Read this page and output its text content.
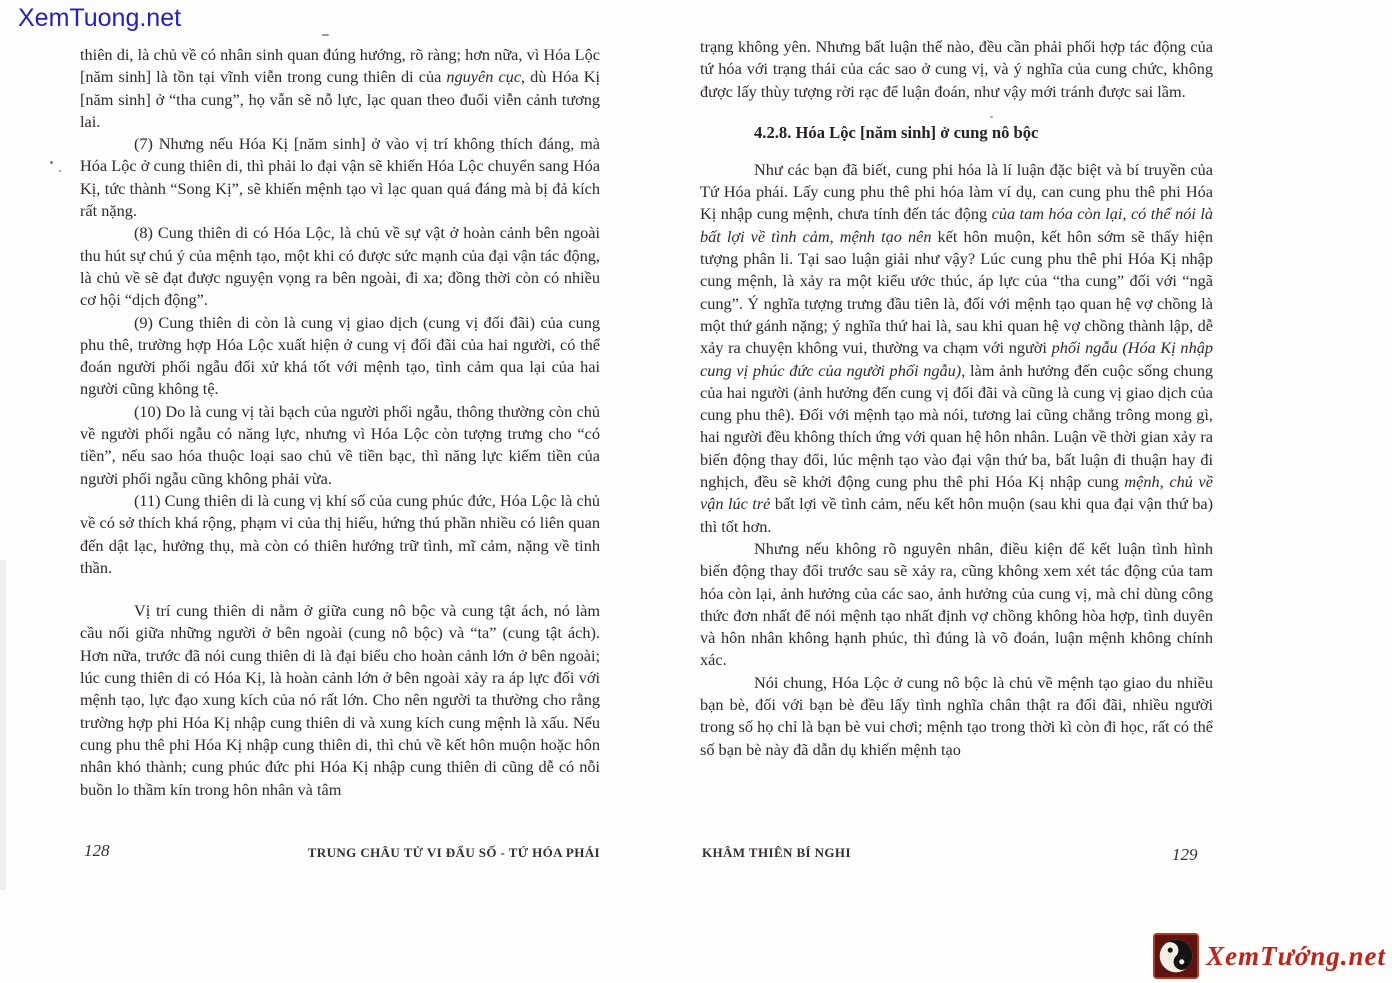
XemTuong.net

thiên di, là chủ về có nhân sinh quan đúng hướng, rõ ràng; hơn nữa, vì Hóa Lộc [năm sinh] là tồn tại vĩnh viễn trong cung thiên di của nguyên cục, dù Hóa Kị [năm sinh] ở “tha cung”, họ vẫn sẽ nỗ lực, lạc quan theo đuổi viễn cảnh tương lai.

(7) Nhưng nếu Hóa Kị [năm sinh] ở vào vị trí không thích đáng, mà Hóa Lộc ở cung thiên di, thì phải lo đại vận sẽ khiến Hóa Lộc chuyển sang Hóa Kị, tức thành “Song Kị”, sẽ khiến mệnh tạo vì lạc quan quá đáng mà bị đả kích rất nặng.

(8) Cung thiên di có Hóa Lộc, là chủ về sự vật ở hoàn cảnh bên ngoài thu hút sự chú ý của mệnh tạo, một khi có được sức mạnh của đại vận tác động, là chủ về sẽ đạt được nguyện vọng ra bên ngoài, đi xa; đồng thời còn có nhiều cơ hội “dịch động”.

(9) Cung thiên di còn là cung vị giao dịch (cung vị đối đãi) của cung phu thê, trường hợp Hóa Lộc xuất hiện ở cung vị đối đãi của hai người, có thể đoán người phối ngẫu đối xử khá tốt với mệnh tạo, tình cảm qua lại của hai người cũng không tệ.

(10) Do là cung vị tài bạch của người phối ngẫu, thông thường còn chủ về người phối ngẫu có năng lực, nhưng vì Hóa Lộc còn tượng trưng cho “có tiền”, nếu sao hóa thuộc loại sao chủ về tiền bạc, thì năng lực kiếm tiền của người phối ngẫu cũng không phải vừa.

(11) Cung thiên di là cung vị khí số của cung phúc đức, Hóa Lộc là chủ về có sở thích khá rộng, phạm vi của thị hiếu, hứng thú phần nhiều có liên quan đến dật lạc, hưởng thụ, mà còn có thiên hướng trữ tình, mĩ cảm, nặng về tinh thần.

Vị trí cung thiên di nằm ở giữa cung nô bộc và cung tật ách, nó làm cầu nối giữa những người ở bên ngoài (cung nô bộc) và “ta” (cung tật ách). Hơn nữa, trước đã nói cung thiên di là đại biểu cho hoàn cảnh lớn ở bên ngoài; lúc cung thiên di có Hóa Kị, là hoàn cảnh lớn ở bên ngoài xảy ra áp lực đối với mệnh tạo, lực đạo xung kích của nó rất lớn. Cho nên người ta thường cho rằng trường hợp phi Hóa Kị nhập cung thiên di và xung kích cung mệnh là xấu. Nếu cung phu thê phi Hóa Kị nhập cung thiên di, thì chủ về kết hôn muộn hoặc hôn nhân khó thành; cung phúc đức phi Hóa Kị nhập cung thiên di cũng dễ có nỗi buồn lo thầm kín trong hôn nhân và tâm

trạng không yên. Nhưng bất luận thế nào, đều cần phải phối hợp tác động của tứ hóa với trạng thái của các sao ở cung vị, và ý nghĩa của cung chức, không được lấy thùy tượng rời rạc để luận đoán, như vậy mới tránh được sai lầm.

4.2.8. Hóa Lộc [năm sinh] ở cung nô bộc

Như các bạn đã biết, cung phi hóa là lí luận đặc biệt và bí truyền của Tứ Hóa phái. Lấy cung phu thê phi hóa làm ví dụ, can cung phu thê phi Hóa Kị nhập cung mệnh, chưa tính đến tác động của tam hóa còn lại, có thể nói là bất lợi về tình cảm, mệnh tạo nên kết hôn muộn, kết hôn sớm sẽ thấy hiện tượng phân li. Tại sao luận giải như vậy? Lúc cung phu thê phi Hóa Kị nhập cung mệnh, là xảy ra một kiểu ước thúc, áp lực của “tha cung” đối với “ngã cung”. Ý nghĩa tượng trưng đầu tiên là, đối với mệnh tạo quan hệ vợ chồng là một thứ gánh nặng; ý nghĩa thứ hai là, sau khi quan hệ vợ chồng thành lập, dễ xảy ra chuyện không vui, thường va chạm với người phối ngẫu (Hóa Kị nhập cung vị phúc đức của người phối ngẫu), làm ảnh hưởng đến cuộc sống chung của hai người (ảnh hưởng đến cung vị đối đãi và cũng là cung vị giao dịch của cung phu thê). Đối với mệnh tạo mà nói, tương lai cũng chẳng trông mong gì, hai người đều không thích ứng với quan hệ hôn nhân. Luận về thời gian xảy ra biến động thay đổi, lúc mệnh tạo vào đại vận thứ ba, bất luận đi thuận hay đi nghịch, đều sẽ khởi động cung phu thê phi Hóa Kị nhập cung mệnh, chủ về vận lúc trẻ bất lợi về tình cảm, nếu kết hôn muộn (sau khi qua đại vận thứ ba) thì tốt hơn.

Nhưng nếu không rõ nguyên nhân, điều kiện để kết luận tình hình biến động thay đổi trước sau sẽ xảy ra, cũng không xem xét tác động của tam hóa còn lại, ảnh hưởng của các sao, ảnh hưởng của cung vị, mà chỉ dùng công thức đơn nhất để nói mệnh tạo nhất định vợ chồng không hòa hợp, tình duyên và hôn nhân không hạnh phúc, thì đúng là võ đoán, luận mệnh không chính xác.

Nói chung, Hóa Lộc ở cung nô bộc là chủ về mệnh tạo giao du nhiều bạn bè, đối với bạn bè đều lấy tình nghĩa chân thật ra đối đãi, nhiều người trong số họ chỉ là bạn bè vui chơi; mệnh tạo trong thời kì còn đi học, rất có thể số bạn bè này đã dẫn dụ khiến mệnh tạo

128	TRUNG CHÂU TỬ VI ĐẨU SỐ - TỨ HÓA PHÁI	KHÂM THIÊN BÍ NGHI	129
XemTướng.net
